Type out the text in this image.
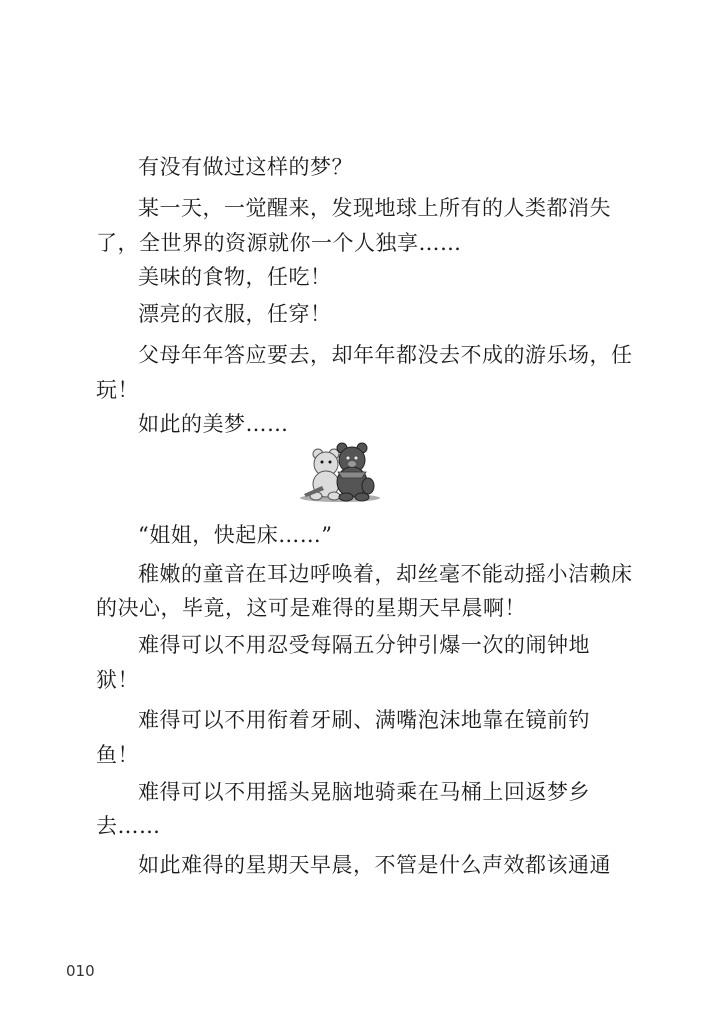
有没有做过这样的梦？
某一天，一觉醒来，发现地球上所有的人类都消失
了，全世界的资源就你一个人独享……
美味的食物，任吃！
漂亮的衣服，任穿！
父母年年答应要去，却年年都没去不成的游乐场，任
玩！
如此的美梦……
“姐姐，快起床……”
稚嫩的童音在耳边呼唤着，却丝毫不能动摇小洁赖床
的决心，毕竟，这可是难得的星期天早晨啊！
难得可以不用忍受每隔五分钟引爆一次的闹钟地
狱！
难得可以不用衔着牙刷、满嘴泡沫地靠在镜前钓
鱼！
难得可以不用摇头晃脑地骑乘在马桶上回返梦乡
去……
如此难得的星期天早晨，不管是什么声效都该通通
010
